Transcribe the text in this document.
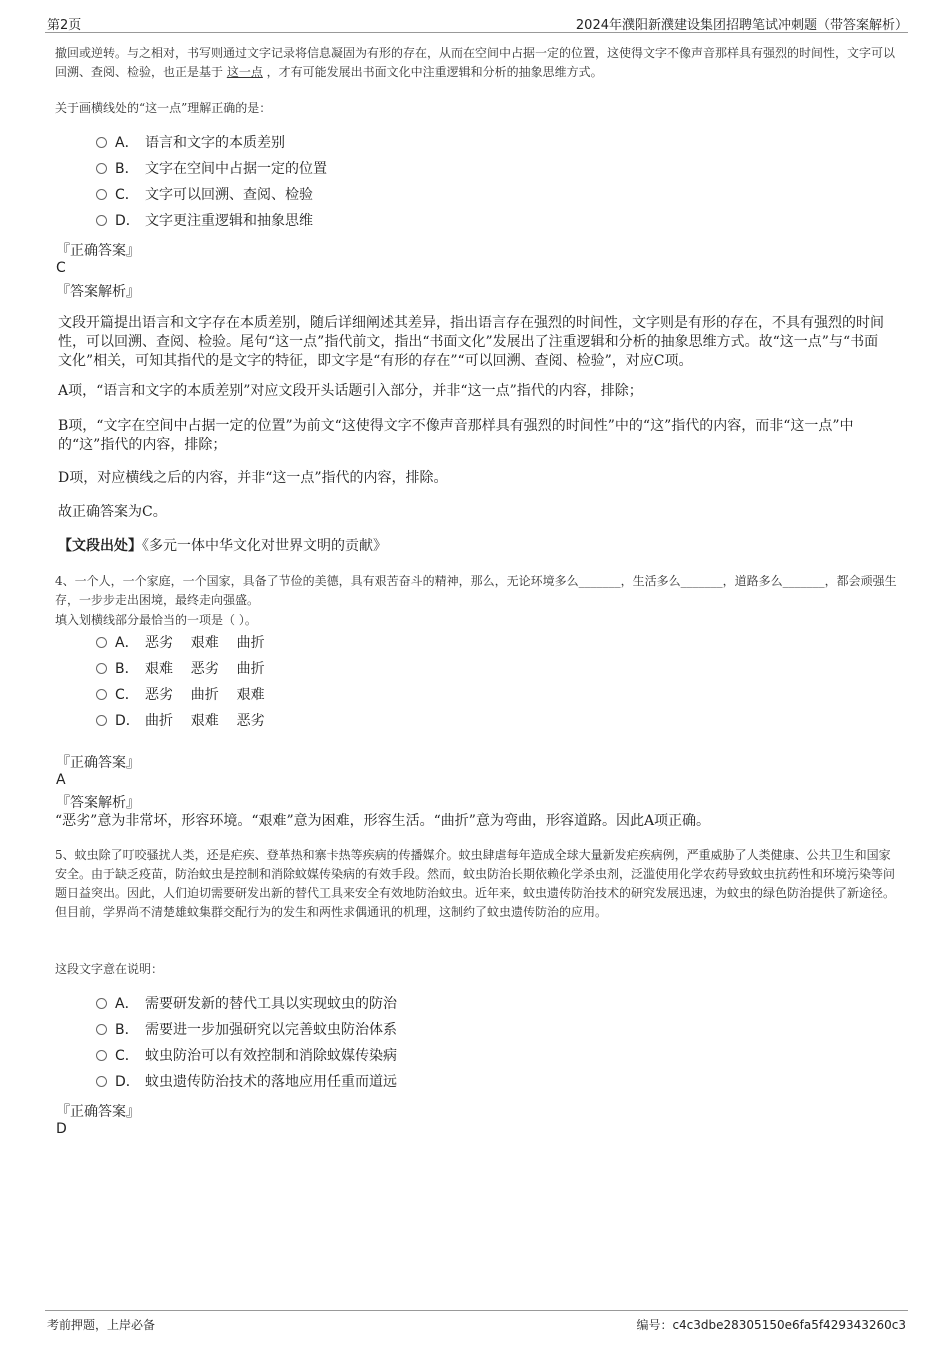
第2页	2024年濮阳新濮建设集团招聘笔试冲刺题（带答案解析）
撤回或逆转。与之相对，书写则通过文字记录将信息凝固为有形的存在，从而在空间中占据一定的位置，这使得文字不像声音那样具有强烈的时间性，文字可以回溯、查阅、检验，也正是基于 这一点 ，才有可能发展出书面文化中注重逻辑和分析的抽象思维方式。
关于画横线处的“这一点”理解正确的是：
A． 语言和文字的本质差别
B． 文字在空间中占据一定的位置
C． 文字可以回溯、查阅、检验
D． 文字更注重逻辑和抽象思维
『正确答案』
C
『答案解析』
文段开篇提出语言和文字存在本质差别，随后详细阐述其差异，指出语言存在强烈的时间性，文字则是有形的存在，不具有强烈的时间性，可以回溯、查阅、检验。尾句“这一点”指代前文，指出“书面文化”发展出了注重逻辑和分析的抽象思维方式。故“这一点”与“书面文化”相关，可知其指代的是文字的特征，即文字是“有形的存在”“可以回溯、查阅、检验”，对应C项。
A项，“语言和文字的本质差别”对应文段开头话题引入部分，并非“这一点”指代的内容，排除；
B项，“文字在空间中占据一定的位置”为前文“这使得文字不像声音那样具有强烈的时间性”中的“这”指代的内容，而非“这一点”中的“这”指代的内容，排除；
D项，对应横线之后的内容，并非“这一点”指代的内容，排除。
故正确答案为C。
【文段出处】《多元一体中华文化对世界文明的贡献》
4、一个人，一个家庭，一个国家，具备了节俭的美德，具有艰苦奋斗的精神，那么，无论环境多么_______，生活多么_______，道路多么_______，都会顽强生存，一步步走出困境，最终走向强盛。
填入划横线部分最恰当的一项是（ ）。
A． 恶劣    艰难    曲折
B． 艰难    恶劣    曲折
C． 恶劣    曲折    艰难
D． 曲折    艰难    恶劣
『正确答案』
A
『答案解析』
“恶劣”意为非常坏，形容环境。“艰难”意为困难，形容生活。“曲折”意为弯曲，形容道路。因此A项正确。
5、蚊虫除了叮咬骚扰人类，还是疟疾、登革热和寨卡热等疾病的传播媒介。蚊虫肆虐每年造成全球大量新发疟疾病例，严重威胁了人类健康、公共卫生和国家安全。由于缺乏疫苗，防治蚊虫是控制和消除蚊媒传染病的有效手段。然而，蚊虫防治长期依赖化学杀虫剂，泛滥使用化学农药导致蚊虫抗药性和环境污染等问题日益突出。因此，人们迫切需要研发出新的替代工具来安全有效地防治蚊虫。近年来，蚊虫遗传防治技术的研究发展迅速，为蚊虫的绿色防治提供了新途径。但目前，学界尚不清楚雄蚊集群交配行为的发生和两性求偶通讯的机理，这制约了蚊虫遗传防治的应用。
这段文字意在说明：
A． 需要研发新的替代工具以实现蚊虫的防治
B． 需要进一步加强研究以完善蚊虫防治体系
C． 蚊虫防治可以有效控制和消除蚊媒传染病
D． 蚊虫遗传防治技术的落地应用任重而道远
『正确答案』
D
考前押题，上岸必备	编号：c4c3dbe28305150e6fa5f429343260c3
